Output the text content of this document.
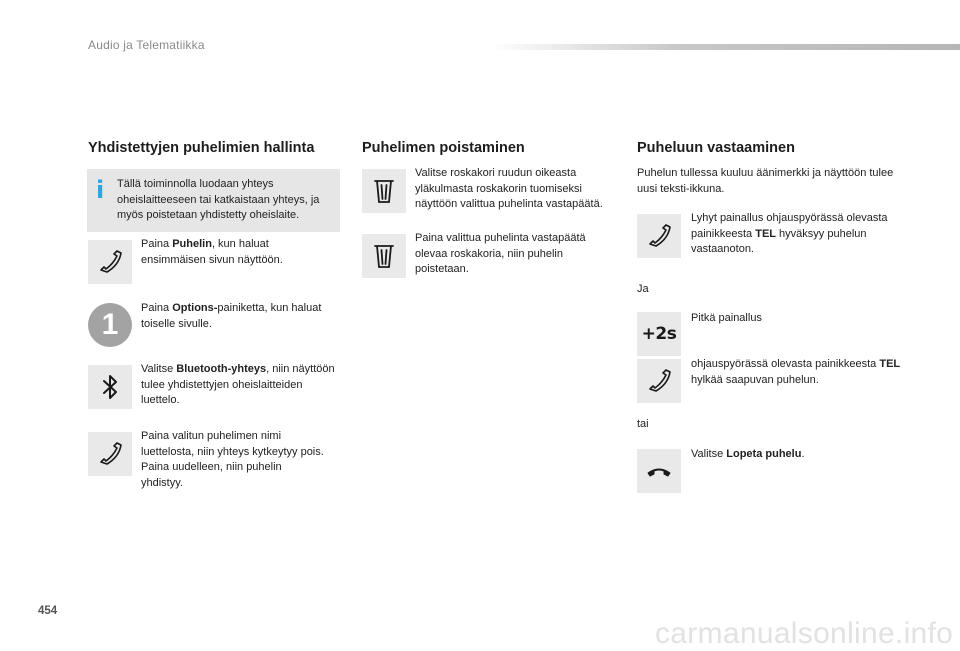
Audio ja Telematiikka
Yhdistettyjen puhelimien hallinta
i Tällä toiminnolla luodaan yhteys oheislaitteeseen tai katkaistaan yhteys, ja myös poistetaan yhdistetty oheislaite.
Paina Puhelin, kun haluat ensimmäisen sivun näyttöön.
1	Paina Options-painiketta, kun haluat toiselle sivulle.
Valitse Bluetooth-yhteys, niin näyttöön tulee yhdistettyjen oheislaitteiden luettelo.
Paina valitun puhelimen nimi luettelosta, niin yhteys kytkeytyy pois.
Paina uudelleen, niin puhelin yhdistyy.
Puhelimen poistaminen
Valitse roskakori ruudun oikeasta yläkulmasta roskakorin tuomiseksi näyttöön valittua puhelinta vastapäätä.
Paina valittua puhelinta vastapäätä olevaa roskakoria, niin puhelin poistetaan.
Puheluun vastaaminen
Puhelun tullessa kuuluu äänimerkki ja näyttöön tulee uusi teksti-ikkuna.
Lyhyt painallus ohjauspyörässä olevasta painikkeesta TEL hyväksyy puhelun vastaanoton.
Ja
+2s
Pitkä painallus
ohjauspyörässä olevasta painikkeesta TEL hylkää saapuvan puhelun.
tai
Valitse Lopeta puhelu.
454
carmanualsonline.info
